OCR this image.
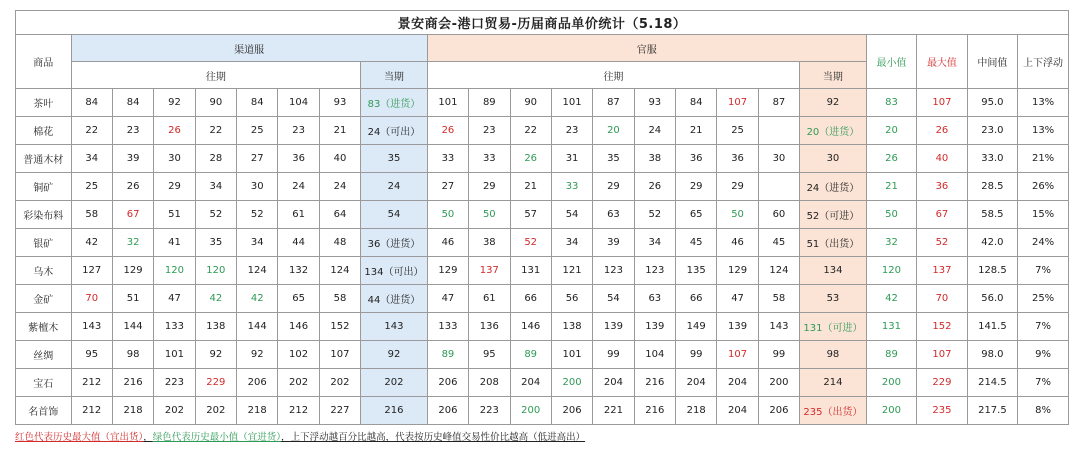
景安商会-港口贸易-历届商品单价统计（5.18）																						
商品	渠道服								官服										最小值	最大值	中间值	上下浮动
	往期							当期	往期									当期				
茶叶	84	84	92	90	84	104	93	83（进货）	101	89	90	101	87	93	84	107	87	92	83	107	95.0	13%
棉花	22	23	26	22	25	23	21	24（可出）	26	23	22	23	20	24	21	25		20（进货）	20	26	23.0	13%
普通木材	34	39	30	28	27	36	40	35	33	33	26	31	35	38	36	36	30	30	26	40	33.0	21%
铜矿	25	26	29	34	30	24	24	24	27	29	21	33	29	26	29	29		24（进货）	21	36	28.5	26%
彩染布料	58	67	51	52	52	61	64	54	50	50	57	54	63	52	65	50	60	52（可进）	50	67	58.5	15%
银矿	42	32	41	35	34	44	48	36（进货）	46	38	52	34	39	34	45	46	45	51（出货）	32	52	42.0	24%
乌木	127	129	120	120	124	132	124	134（可出）	129	137	131	121	123	123	135	129	124	134	120	137	128.5	7%
金矿	70	51	47	42	42	65	58	44（进货）	47	61	66	56	54	63	66	47	58	53	42	70	56.0	25%
紫檀木	143	144	133	138	144	146	152	143	133	136	146	138	139	139	149	139	143	131（可进）	131	152	141.5	7%
丝绸	95	98	101	92	92	102	107	92	89	95	89	101	99	104	99	107	99	98	89	107	98.0	9%
宝石	212	216	223	229	206	202	202	202	206	208	204	200	204	216	204	204	200	214	200	229	214.5	7%
名首饰	212	218	202	202	218	212	227	216	206	223	200	206	221	216	218	204	206	235（出货）	200	235	217.5	8%
红色代表历史最大值（宜出货），绿色代表历史最小值（宜进货），上下浮动越百分比越高，代表按历史峰值交易性价比越高（低进高出）
